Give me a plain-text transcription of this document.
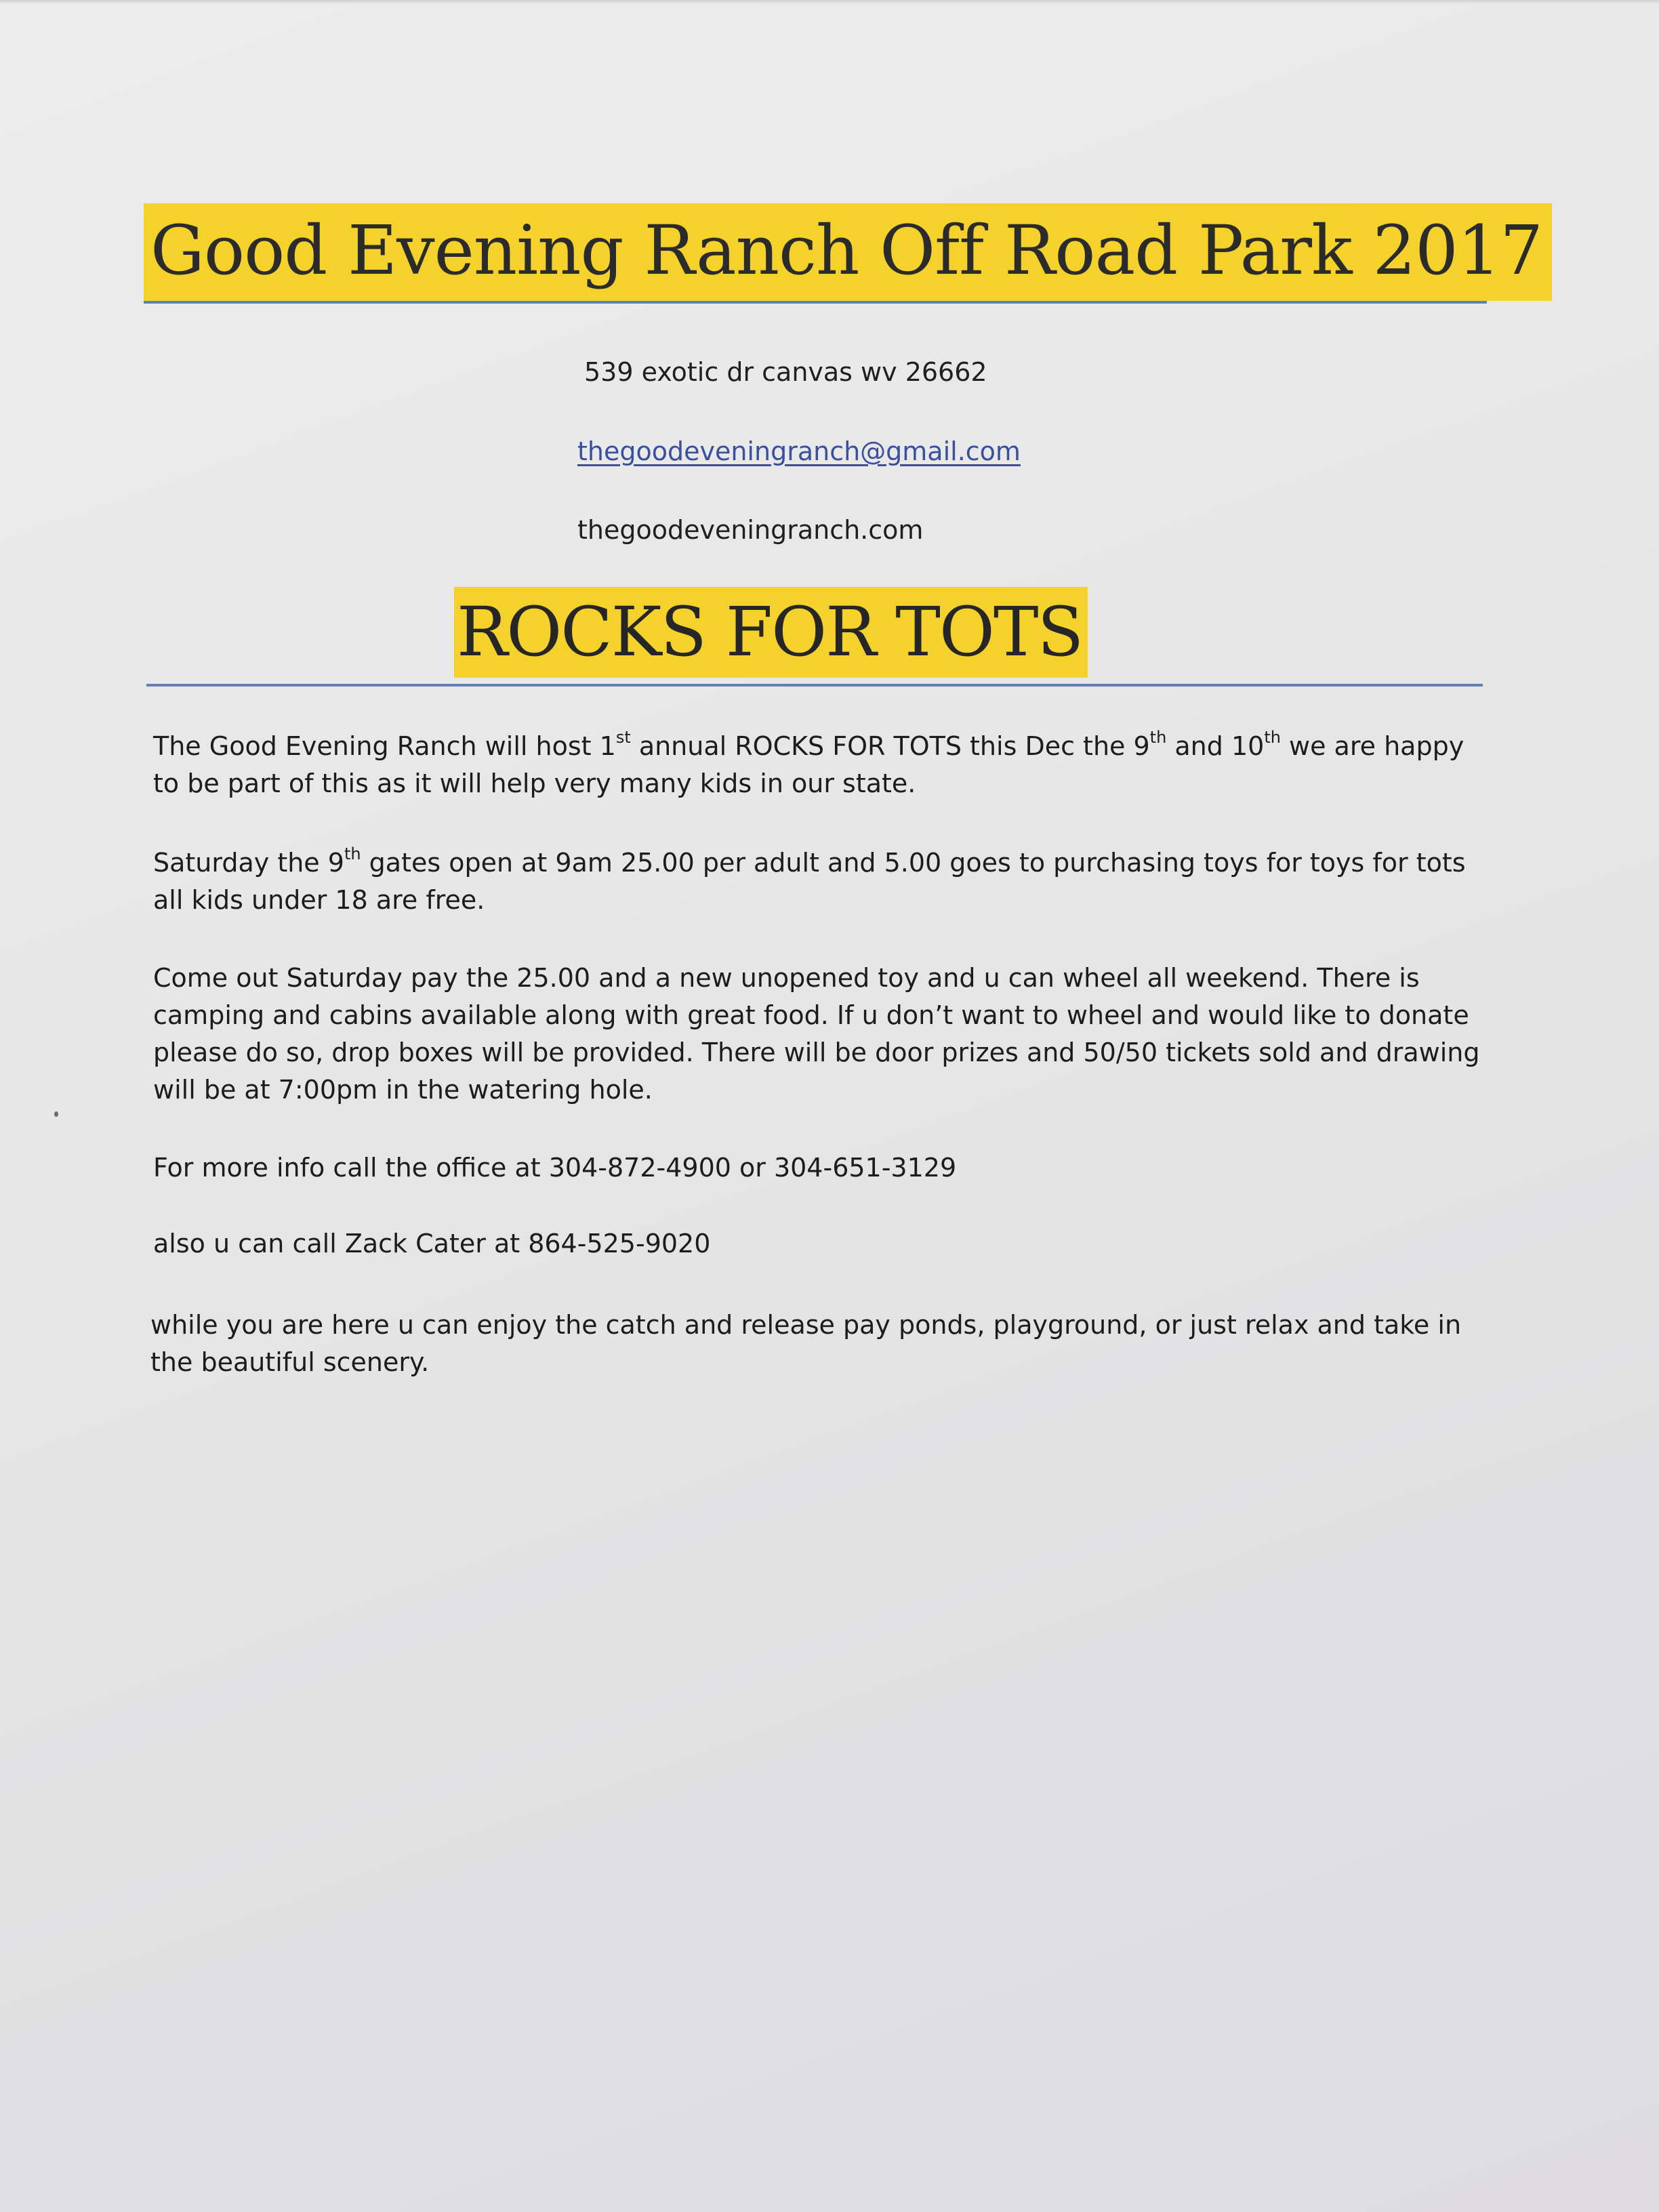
Good Evening Ranch Off Road Park 2017
539 exotic dr canvas wv 26662
thegoodeveningranch@gmail.com
thegoodeveningranch.com
ROCKS FOR TOTS

The Good Evening Ranch will host 1st annual ROCKS FOR TOTS this Dec the 9th and 10th we are happy to be part of this as it will help very many kids in our state.

Saturday the 9th gates open at 9am 25.00 per adult and 5.00 goes to purchasing toys for toys for tots all kids under 18 are free.

Come out Saturday pay the 25.00 and a new unopened toy and u can wheel all weekend. There is camping and cabins available along with great food. If u don’t want to wheel and would like to donate please do so, drop boxes will be provided. There will be door prizes and 50/50 tickets sold and drawing will be at 7:00pm in the watering hole.

For more info call the office at 304-872-4900 or 304-651-3129

also u can call Zack Cater at 864-525-9020

while you are here u can enjoy the catch and release pay ponds, playground, or just relax and take in the beautiful scenery.
